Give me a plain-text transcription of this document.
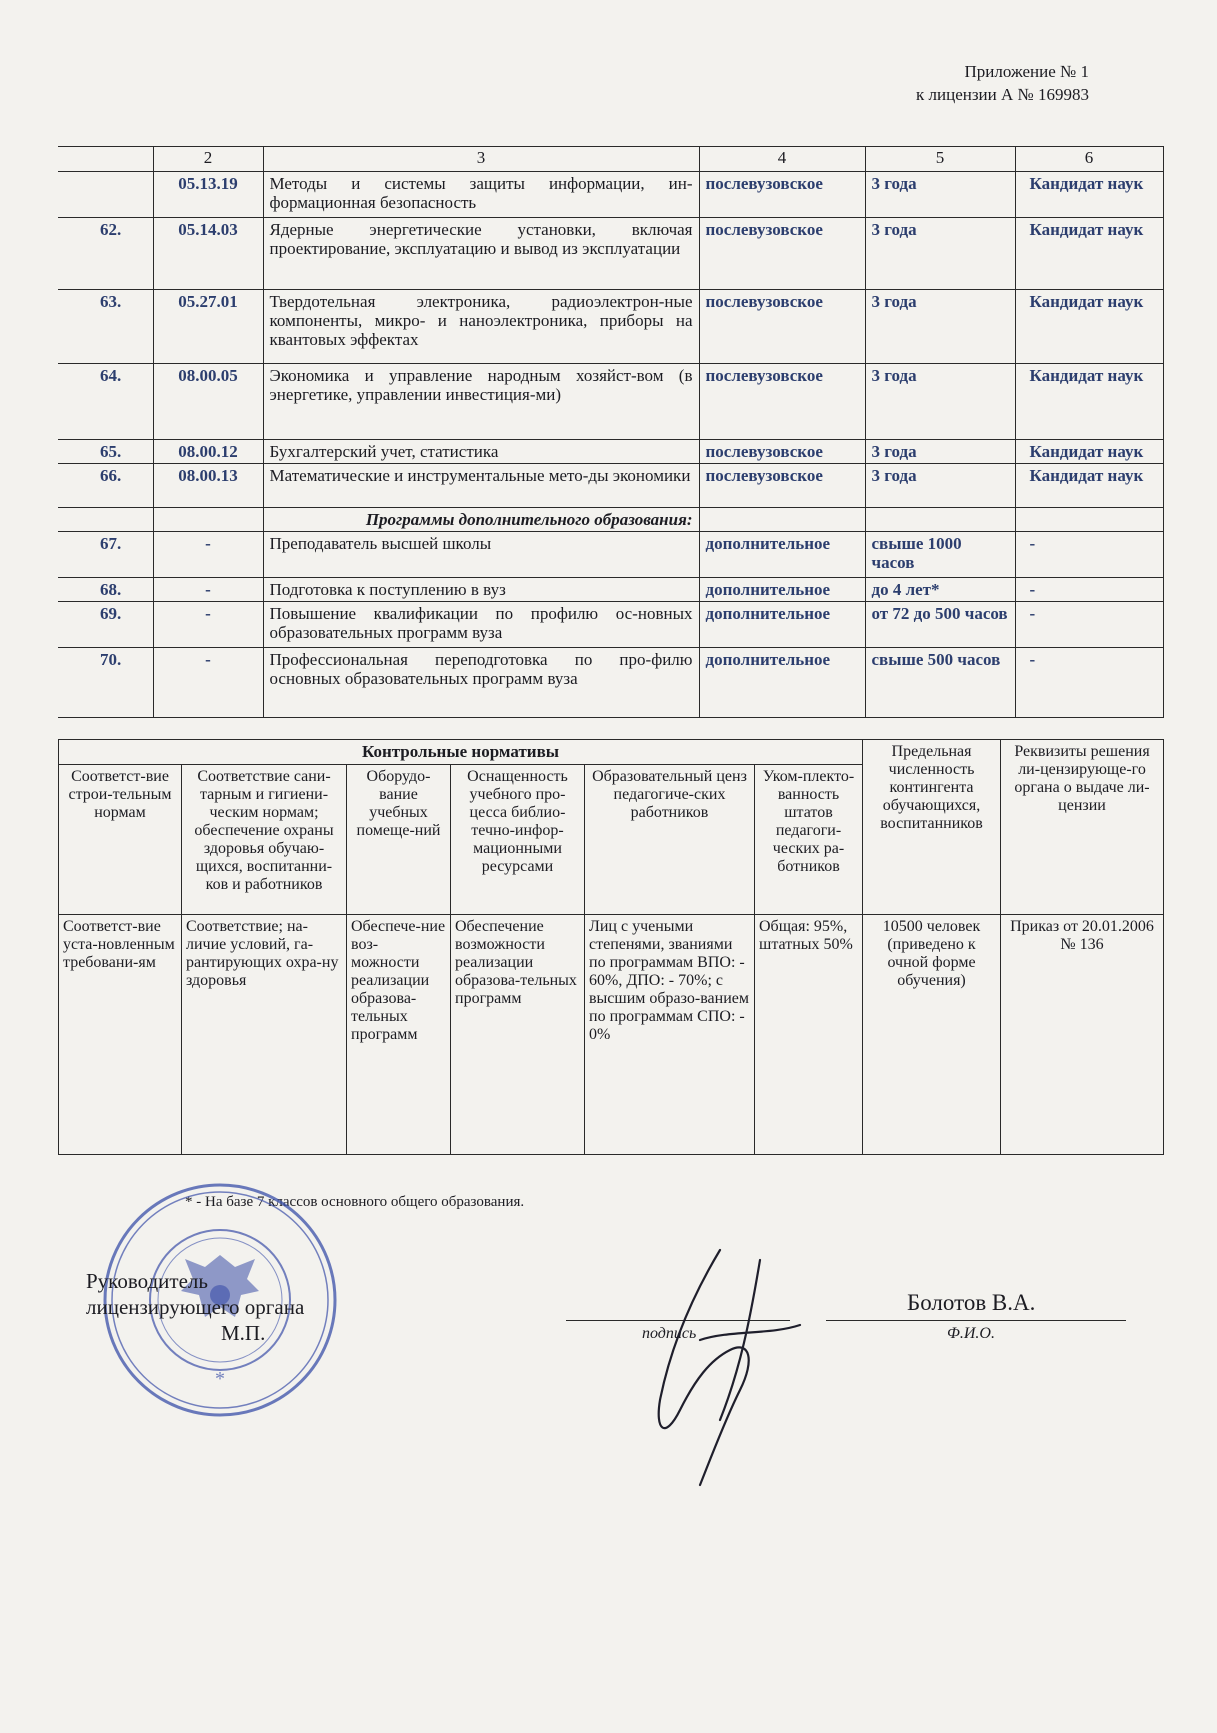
Приложение № 1
к лицензии А № 169983
	2	3	4	5	6
	05.13.19	Методы и системы защиты информации, ин-формационная безопасность	послевузовское	3 года	Кандидат наук
62.	05.14.03	Ядерные энергетические установки, включая проектирование, эксплуатацию и вывод из эксплуатации	послевузовское	3 года	Кандидат наук
63.	05.27.01	Твердотельная электроника, радиоэлектрон-ные компоненты, микро- и наноэлектроника, приборы на квантовых эффектах	послевузовское	3 года	Кандидат наук
64.	08.00.05	Экономика и управление народным хозяйст-вом (в энергетике, управлении инвестиция-ми)	послевузовское	3 года	Кандидат наук
65.	08.00.12	Бухгалтерский учет, статистика	послевузовское	3 года	Кандидат наук
66.	08.00.13	Математические и инструментальные мето-ды экономики	послевузовское	3 года	Кандидат наук
		Программы дополнительного образования:			
67.	-	Преподаватель высшей школы	дополнительное	свыше 1000 часов	-
68.	-	Подготовка к поступлению в вуз	дополнительное	до 4 лет*	-
69.	-	Повышение квалификации по профилю ос-новных образовательных программ вуза	дополнительное	от 72 до 500 часов	-
70.	-	Профессиональная переподготовка по про-филю основных образовательных программ вуза	дополнительное	свыше 500 часов	-
Контрольные нормативы						Предельная численность контингента обучающихся, воспитанников	Реквизиты решения ли-цензирующе-го органа о выдаче ли-цензии
Соответст-вие строи-тельным нормам	Соответствие сани-тарным и гигиени-ческим нормам; обеспечение охраны здоровья обучаю-щихся, воспитанни-ков и работников	Оборудо-вание учебных помеще-ний	Оснащенность учебного про-цесса библио-течно-инфор-мационными ресурсами	Образовательный ценз педагогиче-ских работников	Уком-плекто-ванность штатов педагоги-ческих ра-ботников		
Соответст-вие уста-новленным требовани-ям	Соответствие; на-личие условий, га-рантирующих охра-ну здоровья	Обеспече-ние воз-можности реализации образова-тельных программ	Обеспечение возможности реализации образова-тельных программ	Лиц с учеными степенями, званиями по программам ВПО: - 60%, ДПО: - 70%; с высшим образо-ванием по программам СПО: - 0%	Общая: 95%, штатных 50%	10500 человек (приведено к очной форме обучения)	Приказ от 20.01.2006 № 136
* - На базе 7 классов основного общего образования.
*
Руководитель
лицензирующего органа
М.П.
Болотов В.А.
подпись	Ф.И.О.
